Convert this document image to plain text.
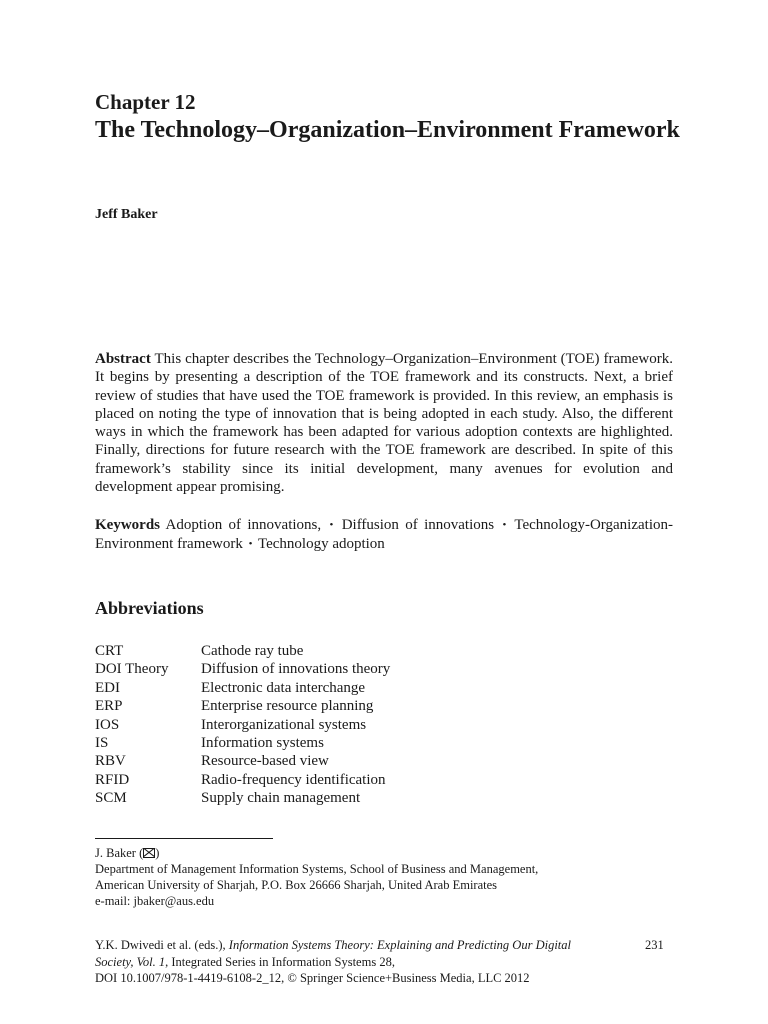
Chapter 12
The Technology–Organization–Environment Framework
Jeff Baker
Abstract This chapter describes the Technology–Organization–Environment (TOE) framework. It begins by presenting a description of the TOE framework and its constructs. Next, a brief review of studies that have used the TOE framework is provided. In this review, an emphasis is placed on noting the type of innovation that is being adopted in each study. Also, the different ways in which the framework has been adapted for various adoption contexts are highlighted. Finally, directions for future research with the TOE framework are described. In spite of this framework’s stability since its initial development, many avenues for evolution and development appear promising.
Keywords Adoption of innovations, • Diffusion of innovations • Technology-Organization-Environment framework • Technology adoption
Abbreviations
CRT	Cathode ray tube
DOI Theory	Diffusion of innovations theory
EDI	Electronic data interchange
ERP	Enterprise resource planning
IOS	Interorganizational systems
IS	Information systems
RBV	Resource-based view
RFID	Radio-frequency identification
SCM	Supply chain management
J. Baker ( )
Department of Management Information Systems, School of Business and Management,
American University of Sharjah, P.O. Box 26666 Sharjah, United Arab Emirates
e-mail: jbaker@aus.edu
Y.K. Dwivedi et al. (eds.), Information Systems Theory: Explaining and Predicting Our Digital Society, Vol. 1, Integrated Series in Information Systems 28,
DOI 10.1007/978-1-4419-6108-2_12, © Springer Science+Business Media, LLC 2012
231
